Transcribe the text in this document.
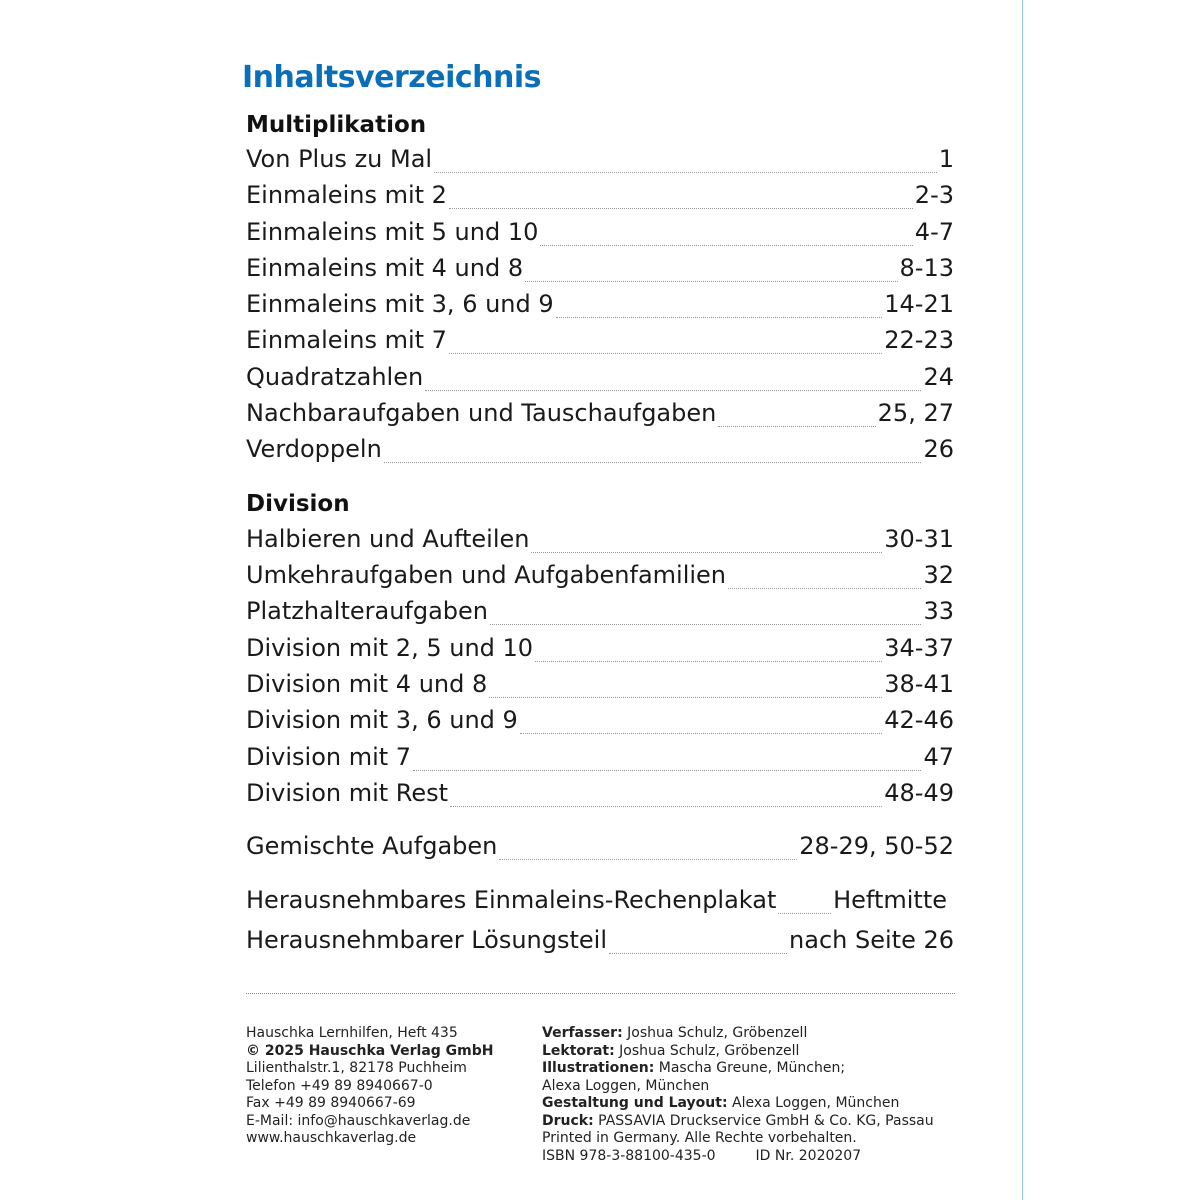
Inhaltsverzeichnis
Multiplikation
Von Plus zu Mal	1
Einmaleins mit 2	2-3
Einmaleins mit 5 und 10	4-7
Einmaleins mit 4 und 8	8-13
Einmaleins mit 3, 6 und 9	14-21
Einmaleins mit 7	22-23
Quadratzahlen	24
Nachbaraufgaben und Tauschaufgaben	25, 27
Verdoppeln	26
Division
Halbieren und Aufteilen	30-31
Umkehraufgaben und Aufgabenfamilien	32
Platzhalteraufgaben	33
Division mit 2, 5 und 10	34-37
Division mit 4 und 8	38-41
Division mit 3, 6 und 9	42-46
Division mit 7	47
Division mit Rest	48-49
Gemischte Aufgaben	28-29, 50-52
Herausnehmbares Einmaleins-Rechenplakat Heftmitte
Herausnehmbarer Lösungsteil	nach Seite 26
Hauschka Lernhilfen, Heft 435
© 2025 Hauschka Verlag GmbH
Lilienthalstr.1, 82178 Puchheim
Telefon +49 89 8940667-0
Fax +49 89 8940667-69
E-Mail: info@hauschkaverlag.de
www.hauschkaverlag.de
Verfasser: Joshua Schulz, Gröbenzell
Lektorat: Joshua Schulz, Gröbenzell
Illustrationen: Mascha Greune, München;
Alexa Loggen, München
Gestaltung und Layout: Alexa Loggen, München
Druck: PASSAVIA Druckservice GmbH & Co. KG, Passau
Printed in Germany. Alle Rechte vorbehalten.
ISBN 978-3-88100-435-0	ID Nr. 2020207
